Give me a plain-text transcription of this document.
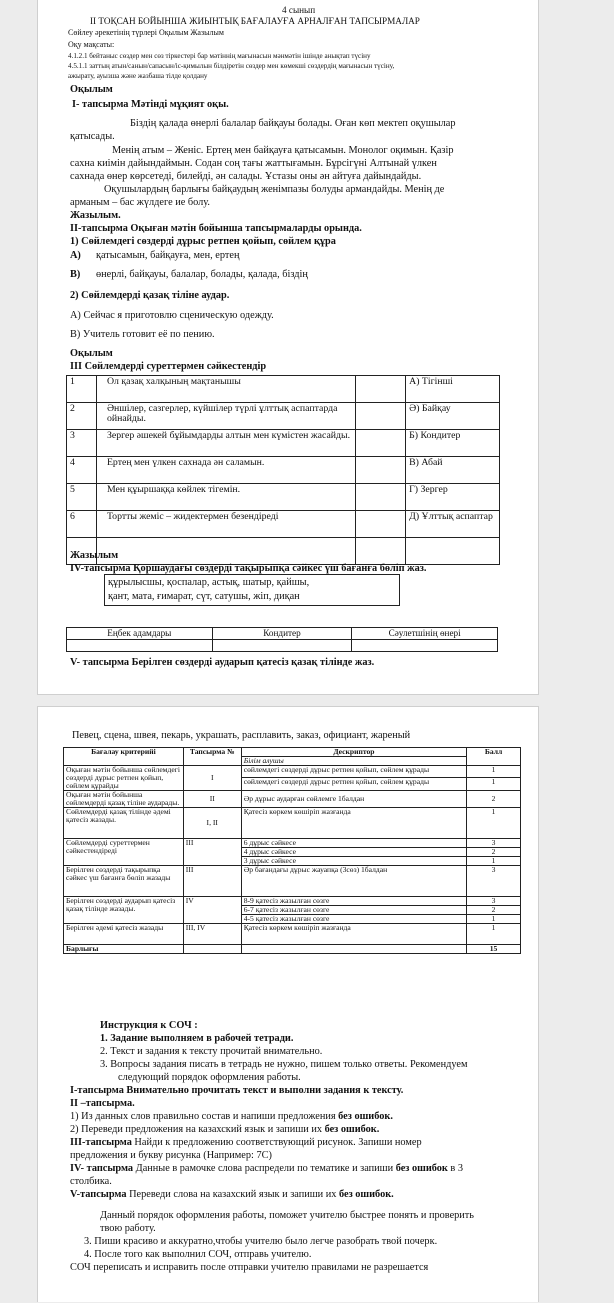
4 сынып
II ТОҚСАН БОЙЫНША ЖИЫНТЫҚ БАҒАЛАУҒА АРНАЛҒАН ТАПСЫРМАЛАР
Сөйлеу әрекетінің түрлері Оқылым Жазылым
Оқу мақсаты:
4.1.2.1 бейтаныс сөздер мен сөз тіркестері бар мәтіннің мағынасын мәнмәтін ішінде анықтап түсіну
4.5.1.1 заттың атын/санын/сапасын/іс-қимылын білдіретін сөздер мен көмекші сөздердің мағынасын түсіну,
ажырату, ауызша және жазбаша тілде қолдану
Оқылым
I- тапсырма Мәтінді мұқият оқы.
Біздің қалада өнерлі балалар байқауы болады. Оған көп мектеп оқушылар
қатысады.
Менің атым – Женіс. Ертең мен байқауға қатысамын. Монолог оқимын. Қазір
сахна киімін дайындаймын. Содан соң тағы жаттығамын. Бұрсігүні Алтынай үлкен
сахнада өнер көрсетеді, билейді, ән салады. Ұстазы оны ән айтуға дайындайды.
Оқушылардың барлығы байқаудың женімпазы болуды армандайды. Менің де
арманым – бас жүлдеге ие болу.
Жазылым.
II-тапсырма Оқыған мәтін бойынша тапсырмаларды орында.
1) Сөйлемдегі сөздерді дұрыс ретпен қойып, сөйлем құра
А) қатысамын, байқауға, мен, ертең
В) өнерлі, байқауы, балалар, болады, қалада, біздің
2) Сөйлемдерді қазақ тіліне аудар.
А) Сейчас я приготовлю сценическую одежду.
В) Учитель готовит её по пению.
Оқылым
III Сөйлемдерді суреттермен сәйкестендір
1	Ол қазақ халқының мақтанышы		А) Тігінші
2	Әншілер, сазгерлер, күйшілер түрлі ұлттық аспаптарда ойнайды.		Ә) Байқау
3	Зергер әшекей бұйымдарды алтын мен күмістен жасайды.		Б) Кондитер
4	Ертең мен үлкен сахнада ән саламын.		В) Абай
5	Мен құыршаққа көйлек тігемін.		Г) Зергер
6	Тортты жеміс – жидектермен безендіреді		Д) Ұлттық аспаптар

Жазылым
IV-тапсырма Қоршаудағы сөздерді тақырыпқа сәйкес үш бағанға бөліп жаз.
құрылысшы, қоспалар, астық, шатыр, қайшы,
қант, мата, ғимарат, сүт, сатушы, жіп, диқан
Еңбек адамдары	Кондитер	Сәулетшінің өнері

V- тапсырма Берілген сөздерді аударып қатесіз қазақ тілінде жаз.
Певец, сцена, швея, пекарь, украшать, расплавить, заказ, официант, жареный
Бағалау критерийі	Тапсырма №	Дескриптор	Балл
		Білім алушы	
Оқыған мәтін бойынша сөйлемдегі сөздерді дұрыс ретпен қойып, сөйлем құрайды	I	сөйлемдегі сөздерді дұрыс ретпен қойып, сөйлем құрады	1
		сөйлемдегі сөздерді дұрыс ретпен қойып, сөйлем құрады	1
Оқыған мәтін бойынша сөйлемдерді қазақ тіліне аударады.	II	Әр дұрыс аударған сөйлемге 1балдан	2
Сөйлемдерді қазақ тілінде әдемі қатесіз жазады.	I, II	Қатесіз көркем көшіріп жазғанда	1
Сөйлемдерді суреттермен сәйкестендіреді	III	6 дұрыс сәйкесе	3
		4 дұрыс сәйкесе	2
		3 дұрыс сәйкесе	1
Берілген сөздерді тақырыпқа сәйкес үш бағанға бөліп жазады	III	Әр бағандағы дұрыс жауапқа (3сөз) 1балдан	3
Берілген сөздерді аударып қатесіз қазақ тілінде жазады.	IV	8-9 қатесіз жазылған сөзге	3
		6-7 қатесіз жазылған сөзге	2
		4-5 қатесіз жазылған сөзге	1
Берілген әдемі қатесіз жазады	III, IV	Қатесіз көркем көшіріп жазғанда	1
Барлығы			15
Инструкция к СОЧ :
1. Задание выполняем в рабочей тетради.
2. Текст и задания к тексту прочитай внимательно.
3. Вопросы задания писать в тетрадь не нужно, пишем только ответы. Рекомендуем
следующий порядок оформления работы.
I-тапсырма Внимательно прочитать текст и выполни задания к тексту.
II –тапсырма.
1) Из данных слов правильно состав и напиши предложения без ошибок.
2) Переведи предложения на казахский язык и запиши их без ошибок.
III-тапсырма Найди к предложению соответствующий рисунок. Запиши номер
предложения и букву рисунка (Например: 7С)
IV- тапсырма Данные в рамочке слова распредели по тематике и запиши без ошибок в 3
столбика.
V-тапсырма Переведи слова на казахский язык и запиши их без ошибок.
Данный порядок оформления работы, поможет учителю быстрее понять и проверить
твою работу.
3. Пиши красиво и аккуратно,чтобы учителю было легче разобрать твой почерк.
4. После того как выполнил СОЧ, отправь учителю.
СОЧ переписать и исправить после отправки учителю правилами не разрешается
